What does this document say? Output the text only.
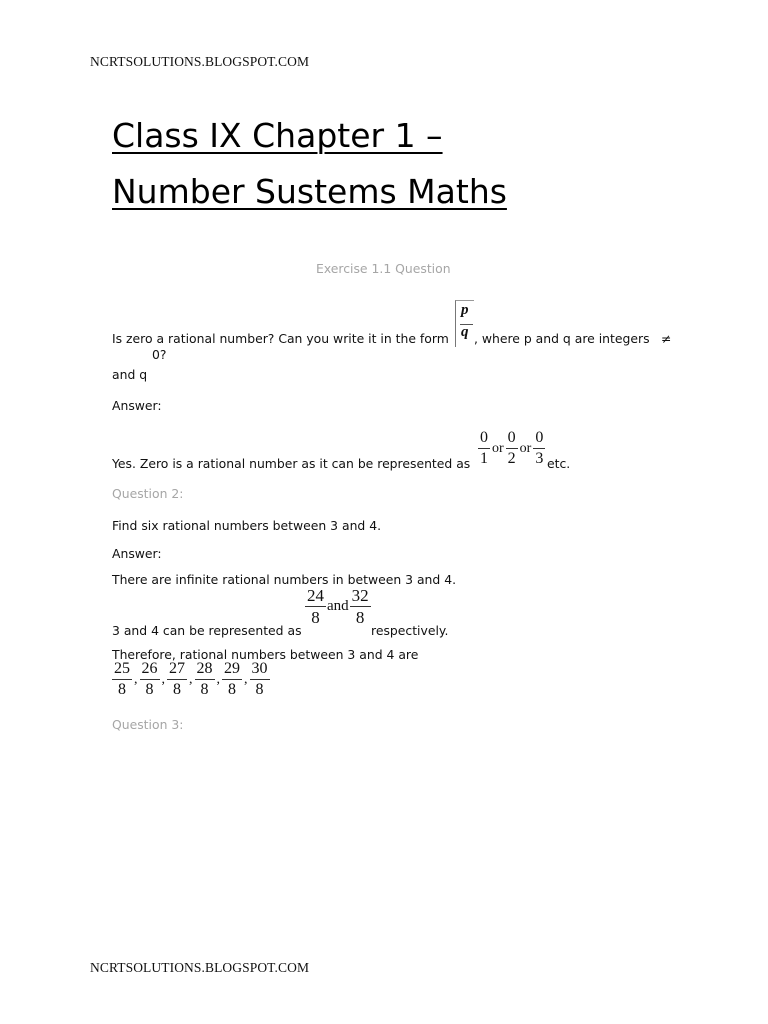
NCRTSOLUTIONS.BLOGSPOT.COM
Class IX Chapter 1 –
Number Sustems Maths
Exercise 1.1 Question
Is zero a rational number? Can you write it in the form
p
q , where p and q are integers ≠
0?
and q
Answer:
Yes. Zero is a rational number as it can be represented as $\frac{0}{1}$ or $\frac{0}{2}$ or $\frac{0}{3}$ etc.
Question 2:
Find six rational numbers between 3 and 4.
Answer:
There are infinite rational numbers in between 3 and 4.
3 and 4 can be represented as
$\frac{24}{8}$ and $\frac{32}{8}$
respectively.
Therefore, rational numbers between 3 and 4 are
$\frac{25}{8}$ , $\frac{26}{8}$ , $\frac{27}{8}$ , $\frac{28}{8}$ , $\frac{29}{8}$ , $\frac{30}{8}$
Question 3:
NCRTSOLUTIONS.BLOGSPOT.COM
